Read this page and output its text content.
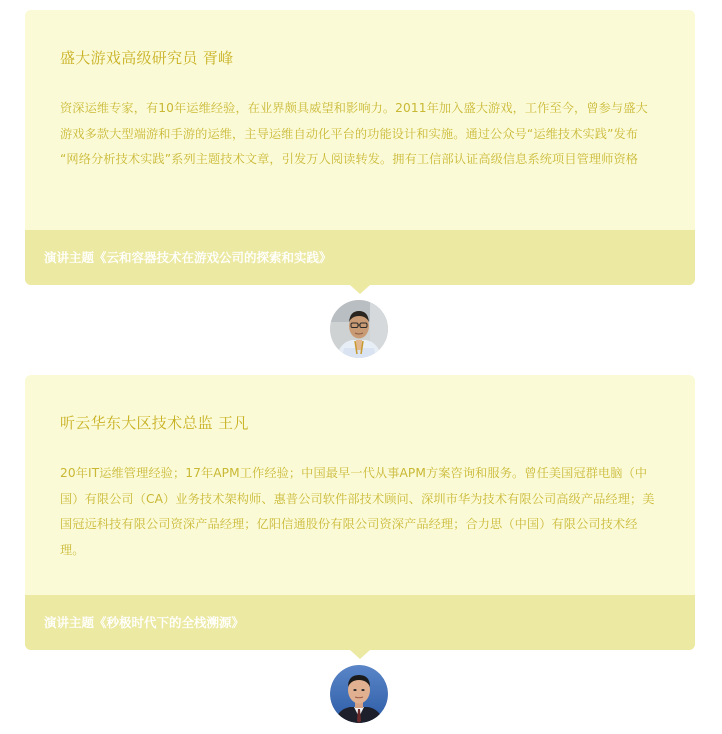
盛大游戏高级研究员 胥峰
资深运维专家，有10年运维经验，在业界颇具威望和影响力。2011年加入盛大游戏，工作至今，曾参与盛大游戏多款大型端游和手游的运维，主导运维自动化平台的功能设计和实施。通过公众号“运维技术实践”发布 “网络分析技术实践”系列主题技术文章，引发万人阅读转发。拥有工信部认证高级信息系统项目管理师资格
演讲主题《云和容器技术在游戏公司的探索和实践》
听云华东大区技术总监 王凡
20年IT运维管理经验；17年APM工作经验；中国最早一代从事APM方案咨询和服务。曾任美国冠群电脑（中国）有限公司（CA）业务技术架构师、惠普公司软件部技术顾问、深圳市华为技术有限公司高级产品经理；美国冠远科技有限公司资深产品经理；亿阳信通股份有限公司资深产品经理；合力思（中国）有限公司技术经理。
演讲主题《秒极时代下的全栈溯源》
